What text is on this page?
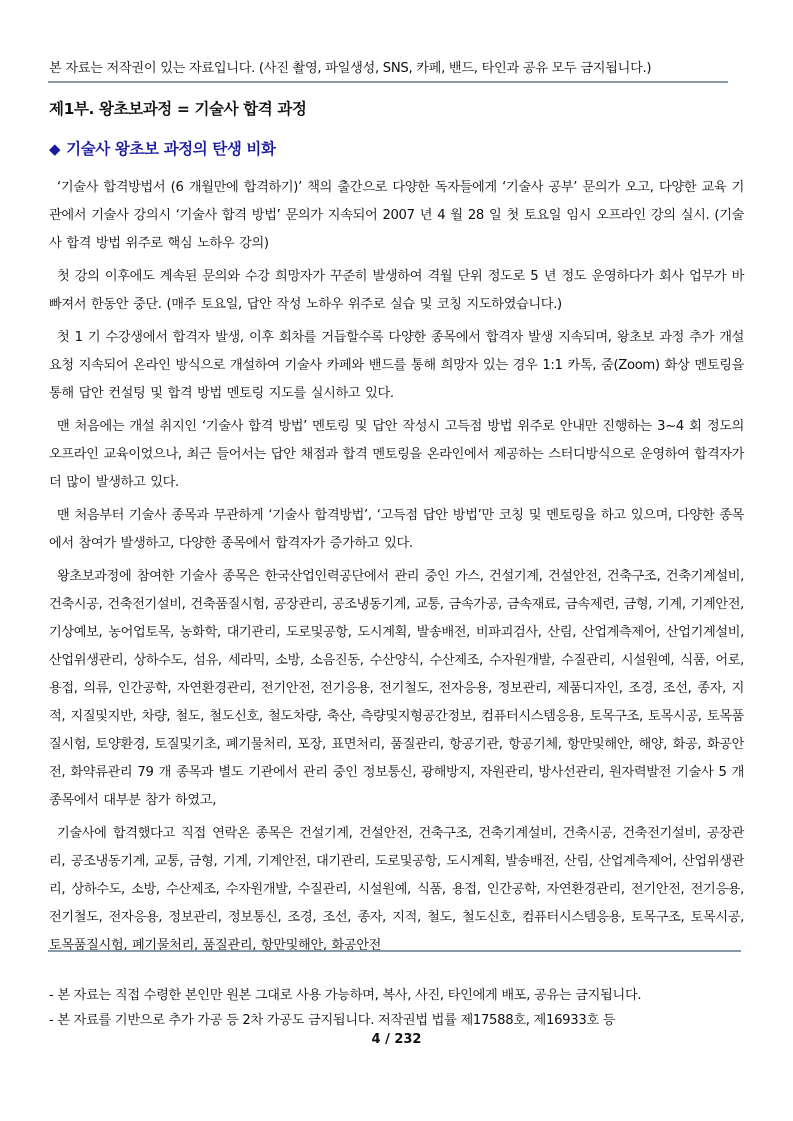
본 자료는 저작권이 있는 자료입니다. (사진 촬영, 파일생성, SNS, 카페, 밴드, 타인과 공유 모두 금지됩니다.)
제1부. 왕초보과정 = 기술사 합격 과정
◆ 기술사 왕초보 과정의 탄생 비화

‘기술사 합격방법서 (6 개월만에 합격하기)’ 책의 출간으로 다양한 독자들에게 ‘기술사 공부’ 문의가 오고, 다양한 교육 기관에서 기술사 강의시 ‘기술사 합격 방법’ 문의가 지속되어 2007 년 4 월 28 일 첫 토요일 임시 오프라인 강의 실시. (기술사 합격 방법 위주로 핵심 노하우 강의)

첫 강의 이후에도 계속된 문의와 수강 희망자가 꾸준히 발생하여 격월 단위 정도로 5 년 정도 운영하다가 회사 업무가 바빠져서 한동안 중단. (매주 토요일, 답안 작성 노하우 위주로 실습 및 코칭 지도하였습니다.)

첫 1 기 수강생에서 합격자 발생, 이후 회차를 거듭할수록 다양한 종목에서 합격자 발생 지속되며, 왕초보 과정 추가 개설 요청 지속되어 온라인 방식으로 개설하여 기술사 카페와 밴드를 통해 희망자 있는 경우 1:1 카톡, 줌(Zoom) 화상 멘토링을 통해 답안 컨설팅 및 합격 방법 멘토링 지도를 실시하고 있다.

맨 처음에는 개설 취지인 ‘기술사 합격 방법’ 멘토링 및 답안 작성시 고득점 방법 위주로 안내만 진행하는 3~4 회 정도의 오프라인 교육이었으나, 최근 들어서는 답안 채점과 합격 멘토링을 온라인에서 제공하는 스터디방식으로 운영하여 합격자가 더 많이 발생하고 있다.

맨 처음부터 기술사 종목과 무관하게 ‘기술사 합격방법’, ‘고득점 답안 방법’만 코칭 및 멘토링을 하고 있으며, 다양한 종목에서 참여가 발생하고, 다양한 종목에서 합격자가 증가하고 있다.

왕초보과정에 참여한 기술사 종목은 한국산업인력공단에서 관리 중인 가스, 건설기계, 건설안전, 건축구조, 건축기계설비, 건축시공, 건축전기설비, 건축품질시험, 공장관리, 공조냉동기계, 교통, 금속가공, 금속재료, 금속제련, 금형, 기계, 기계안전, 기상예보, 농어업토목, 농화학, 대기관리, 도로및공항, 도시계획, 발송배전, 비파괴검사, 산림, 산업계측제어, 산업기계설비, 산업위생관리, 상하수도, 섬유, 세라믹, 소방, 소음진동, 수산양식, 수산제조, 수자원개발, 수질관리, 시설원예, 식품, 어로, 용접, 의류, 인간공학, 자연환경관리, 전기안전, 전기응용, 전기철도, 전자응용, 정보관리, 제품디자인, 조경, 조선, 종자, 지적, 지질및지반, 차량, 철도, 철도신호, 철도차량, 축산, 측량및지형공간정보, 컴퓨터시스템응용, 토목구조, 토목시공, 토목품질시험, 토양환경, 토질및기초, 폐기물처리, 포장, 표면처리, 품질관리, 항공기관, 항공기체, 항만및해안, 해양, 화공, 화공안전, 화약류관리 79 개 종목과 별도 기관에서 관리 중인 정보통신, 광해방지, 자원관리, 방사선관리, 원자력발전 기술사 5 개 종목에서 대부분 참가 하였고,

기술사에 합격했다고 직접 연락온 종목은 건설기계, 건설안전, 건축구조, 건축기계설비, 건축시공, 건축전기설비, 공장관리, 공조냉동기계, 교통, 금형, 기계, 기계안전, 대기관리, 도로및공항, 도시계획, 발송배전, 산림, 산업계측제어, 산업위생관리, 상하수도, 소방, 수산제조, 수자원개발, 수질관리, 시설원예, 식품, 용접, 인간공학, 자연환경관리, 전기안전, 전기응용, 전기철도, 전자응용, 정보관리, 정보통신, 조경, 조선, 종자, 지적, 철도, 철도신호, 컴퓨터시스템응용, 토목구조, 토목시공, 토목품질시험, 폐기물처리, 품질관리, 항만및해안, 화공안전

- 본 자료는 직접 수령한 본인만 원본 그대로 사용 가능하며, 복사, 사진, 타인에게 배포, 공유는 금지됩니다.
- 본 자료를 기반으로 추가 가공 등 2차 가공도 금지됩니다. 저작권법 법률 제17588호, 제16933호 등
4 / 232
